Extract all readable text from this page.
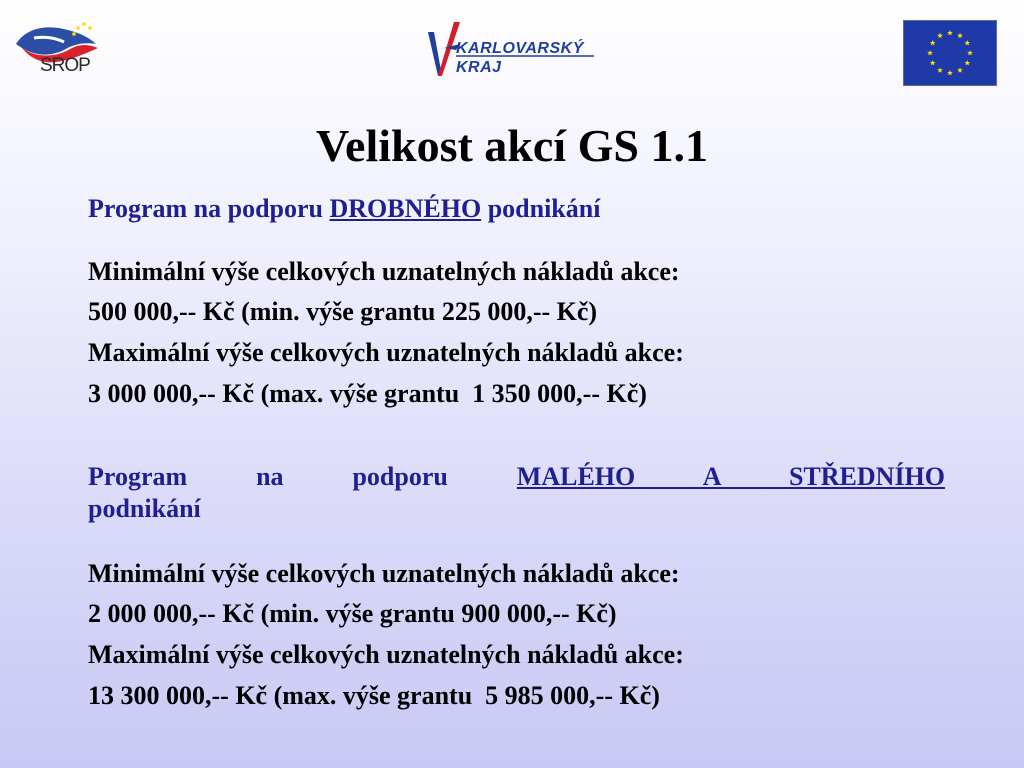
SROP
KARLOVARSKÝ
KRAJ
Velikost akcí GS 1.1

Program na podporu DROBNÉHO podnikání

Minimální výše celkových uznatelných nákladů akce:

500 000,-- Kč (min. výše grantu 225 000,-- Kč)

Maximální výše celkových uznatelných nákladů akce:

3 000 000,-- Kč (max. výše grantu  1 350 000,-- Kč)

Program	na	podporu	MALÉHO A STŘEDNÍHO

podnikání

Minimální výše celkových uznatelných nákladů akce:

2 000 000,-- Kč (min. výše grantu 900 000,-- Kč)

Maximální výše celkových uznatelných nákladů akce:

13 300 000,-- Kč (max. výše grantu  5 985 000,-- Kč)
